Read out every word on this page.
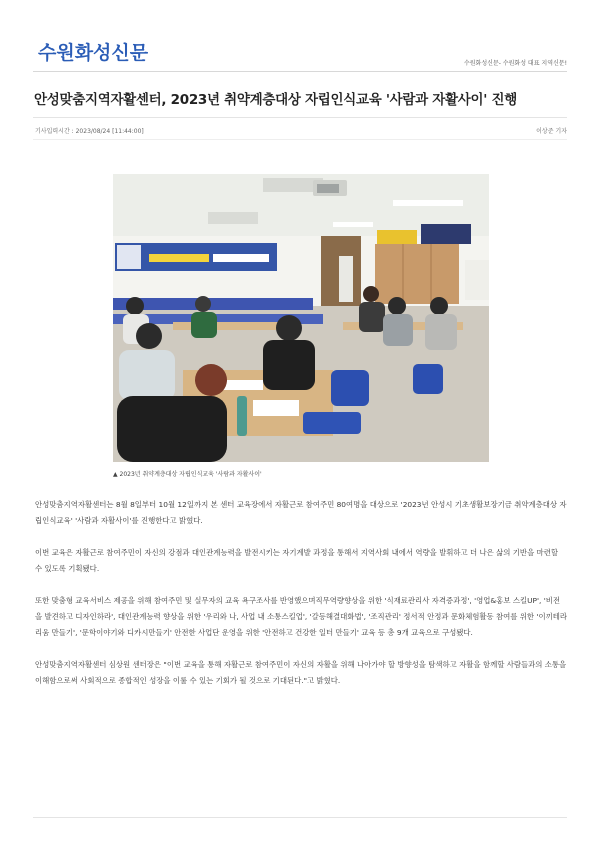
수원화성신문	수원화성신문- 수원화성 대표 지역신문!
안성맞춤지역자활센터, 2023년 취약계층대상 자립인식교육 '사람과 자활사이' 진행
기사입력시간 : 2023/08/24 [11:44:00]	이상준 기자
▲ 2023년 취약계층대상 자립인식교육 '사람과 자활사이'

안성맞춤지역자활센터는 8월 8일부터 10월 12일까지 본 센터 교육장에서 자활근로 참여주민 80여명을 대상으로 '2023년 안성시 기초생활보장기금 취약계층대상 자립인식교육' '사람과 자활사이'를 진행한다고 밝혔다.

이번 교육은 자활근로 참여주민이 자신의 강점과 대인관계능력을 발전시키는 자기계발 과정을 통해서 지역사회 내에서 역량을 발휘하고 더 나은 삶의 기반을 마련할 수 있도록 기획됐다.

또한 맞춤형 교육서비스 제공을 위해 참여주민 및 실무자의 교육 욕구조사를 반영했으며직무역량향상을 위한 '식재료관리사 자격증과정', '영업&홍보 스킬UP', '비전을 발견하고 디자인하라', 대인관계능력 향상을 위한 '우리와 나, 사업 내 소통스킬업', '갈등해결대화법', '조직관리' 정서적 안정과 문화체험활동 참여를 위한 '이끼테라리움 만들기', '문학이야기와 디카시만들기' 안전한 사업단 운영을 위한 '안전하고 건강한 일터 만들기' 교육 등 총 9개 교육으로 구성됐다.

안성맞춤지역자활센터 심상원 센터장은 "이번 교육을 통해 자활근로 참여주민이 자신의 자활을 위해 나아가야 할 방향성을 탐색하고 자활을 함께할 사람들과의 소통을 이해함으로써 사회적으로 종합적인 성장을 이룰 수 있는 기회가 될 것으로 기대된다."고 밝혔다.
